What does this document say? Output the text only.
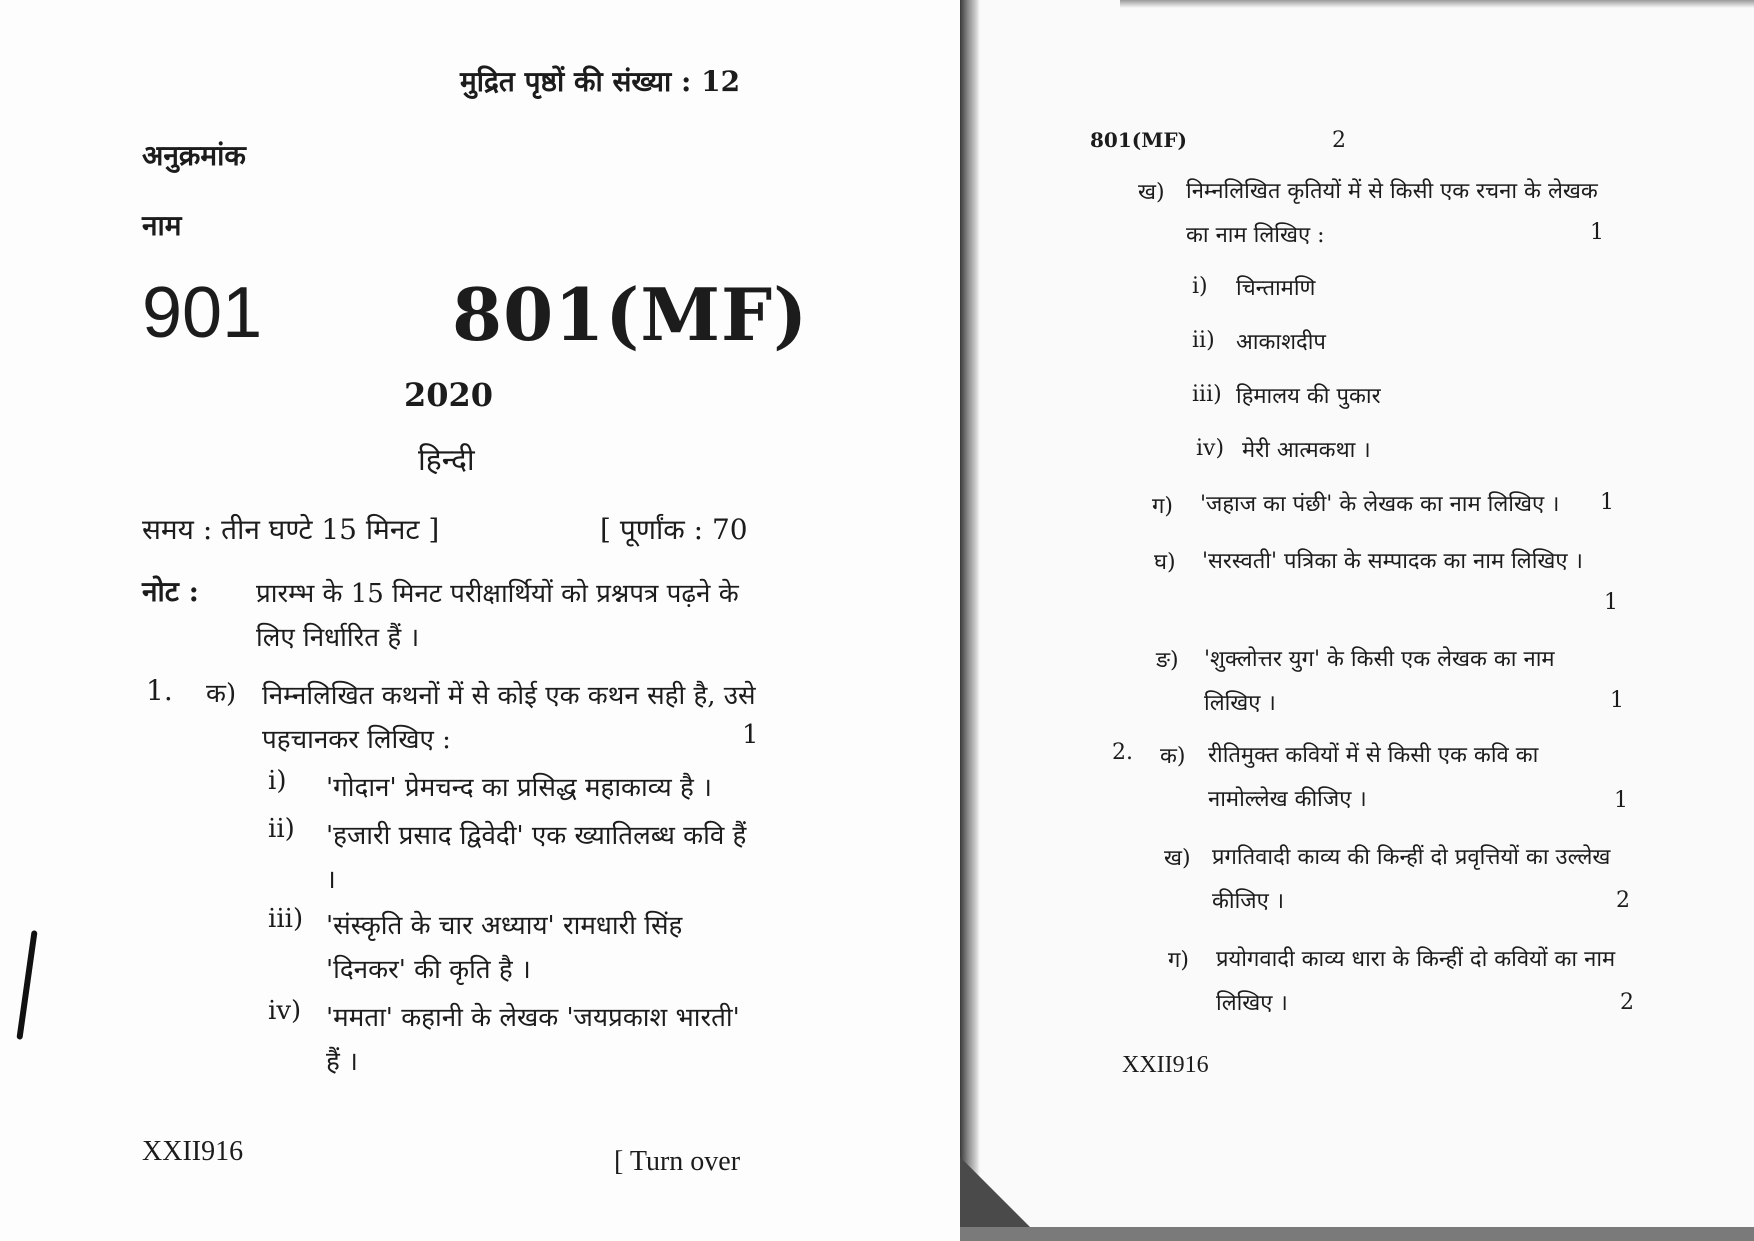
मुद्रित पृष्ठों की संख्या : 12
अनुक्रमांक
नाम
901	801(MF)
2020
हिन्दी
समय : तीन घण्टे 15 मिनट ]	[ पूर्णांक : 70
नोट : प्रारम्भ के 15 मिनट परीक्षार्थियों को प्रश्नपत्र पढ़ने के लिए निर्धारित हैं ।
1. क) निम्नलिखित कथनों में से कोई एक कथन सही है, उसे पहचानकर लिखिए :	1
i) 'गोदान' प्रेमचन्द का प्रसिद्ध महाकाव्य है ।
ii) 'हजारी प्रसाद द्विवेदी' एक ख्यातिलब्ध कवि हैं ।
iii) 'संस्कृति के चार अध्याय' रामधारी सिंह 'दिनकर' की कृति है ।
iv) 'ममता' कहानी के लेखक 'जयप्रकाश भारती' हैं ।
XXII916	[ Turn over
801(MF)	2
ख) निम्नलिखित कृतियों में से किसी एक रचना के लेखक का नाम लिखिए :	1
i) चिन्तामणि
ii) आकाशदीप
iii) हिमालय की पुकार
iv) मेरी आत्मकथा ।
ग) 'जहाज का पंछी' के लेखक का नाम लिखिए । 1
घ) 'सरस्वती' पत्रिका के सम्पादक का नाम लिखिए ।
1
ङ) 'शुक्लोत्तर युग' के किसी एक लेखक का नाम लिखिए ।	1
2. क) रीतिमुक्त कवियों में से किसी एक कवि का नामोल्लेख कीजिए ।	1
ख) प्रगतिवादी काव्य की किन्हीं दो प्रवृत्तियों का उल्लेख कीजिए ।	2
ग) प्रयोगवादी काव्य धारा के किन्हीं दो कवियों का नाम लिखिए ।	2
XXII916
